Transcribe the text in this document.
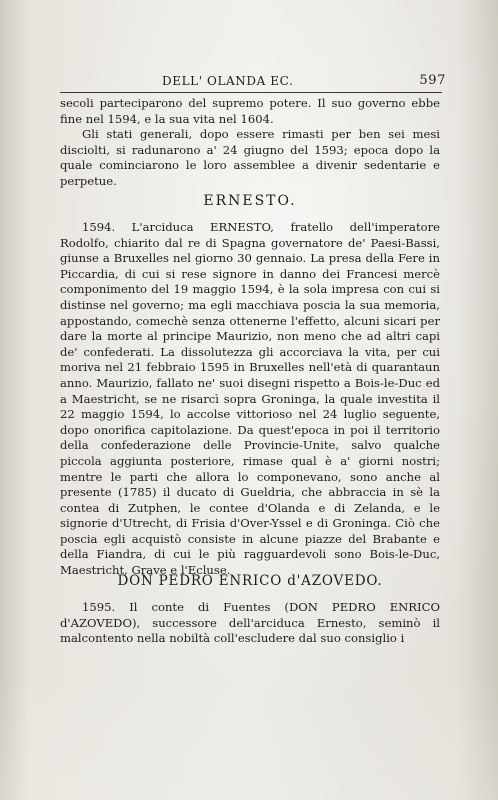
DELL' OLANDA EC.	597

secoli parteciparono del supremo potere. Il suo governo ebbe fine nel 1594, e la sua vita nel 1604.

Gli stati generali, dopo essere rimasti per ben sei mesi disciolti, si radunarono a' 24 giugno del 1593; epoca dopo la quale cominciarono le loro assemblee a divenir sedentarie e perpetue.

ERNESTO.

1594. L'arciduca ERNESTO, fratello dell'imperatore Rodolfo, chiarito dal re di Spagna governatore de' Paesi-Bassi, giunse a Bruxelles nel giorno 30 gennaio. La presa della Fere in Piccardia, di cui si rese signore in danno dei Francesi mercè componimento del 19 maggio 1594, è la sola impresa con cui si distinse nel governo; ma egli macchiava poscia la sua memoria, appostando, comechè senza ottenerne l'effetto, alcuni sicari per dare la morte al principe Maurizio, non meno che ad altri capi de' confederati. La dissolutezza gli accorciava la vita, per cui moriva nel 21 febbraio 1595 in Bruxelles nell'età di quarantaun anno. Maurizio, fallato ne' suoi disegni rispetto a Bois-le-Duc ed a Maestricht, se ne risarcì sopra Groninga, la quale investita il 22 maggio 1594, lo accolse vittorioso nel 24 luglio seguente, dopo onorifica capitolazione. Da quest'epoca in poi il territorio della confederazione delle Provincie-Unite, salvo qualche piccola aggiunta posteriore, rimase qual è a' giorni nostri; mentre le parti che allora lo componevano, sono anche al presente (1785) il ducato di Gueldria, che abbraccia in sè la contea di Zutphen, le contee d'Olanda e di Zelanda, e le signorie d'Utrecht, di Frisia d'Over-Yssel e di Groninga. Ciò che poscia egli acquistò consiste in alcune piazze del Brabante e della Fiandra, di cui le più ragguardevoli sono Bois-le-Duc, Maestricht, Grave e l'Ecluse.

DON PEDRO ENRICO d'AZOVEDO.

1595. Il conte di Fuentes (DON PEDRO ENRICO d'AZOVEDO), successore dell'arciduca Ernesto, seminò il malcontento nella nobiltà coll'escludere dal suo consiglio i
